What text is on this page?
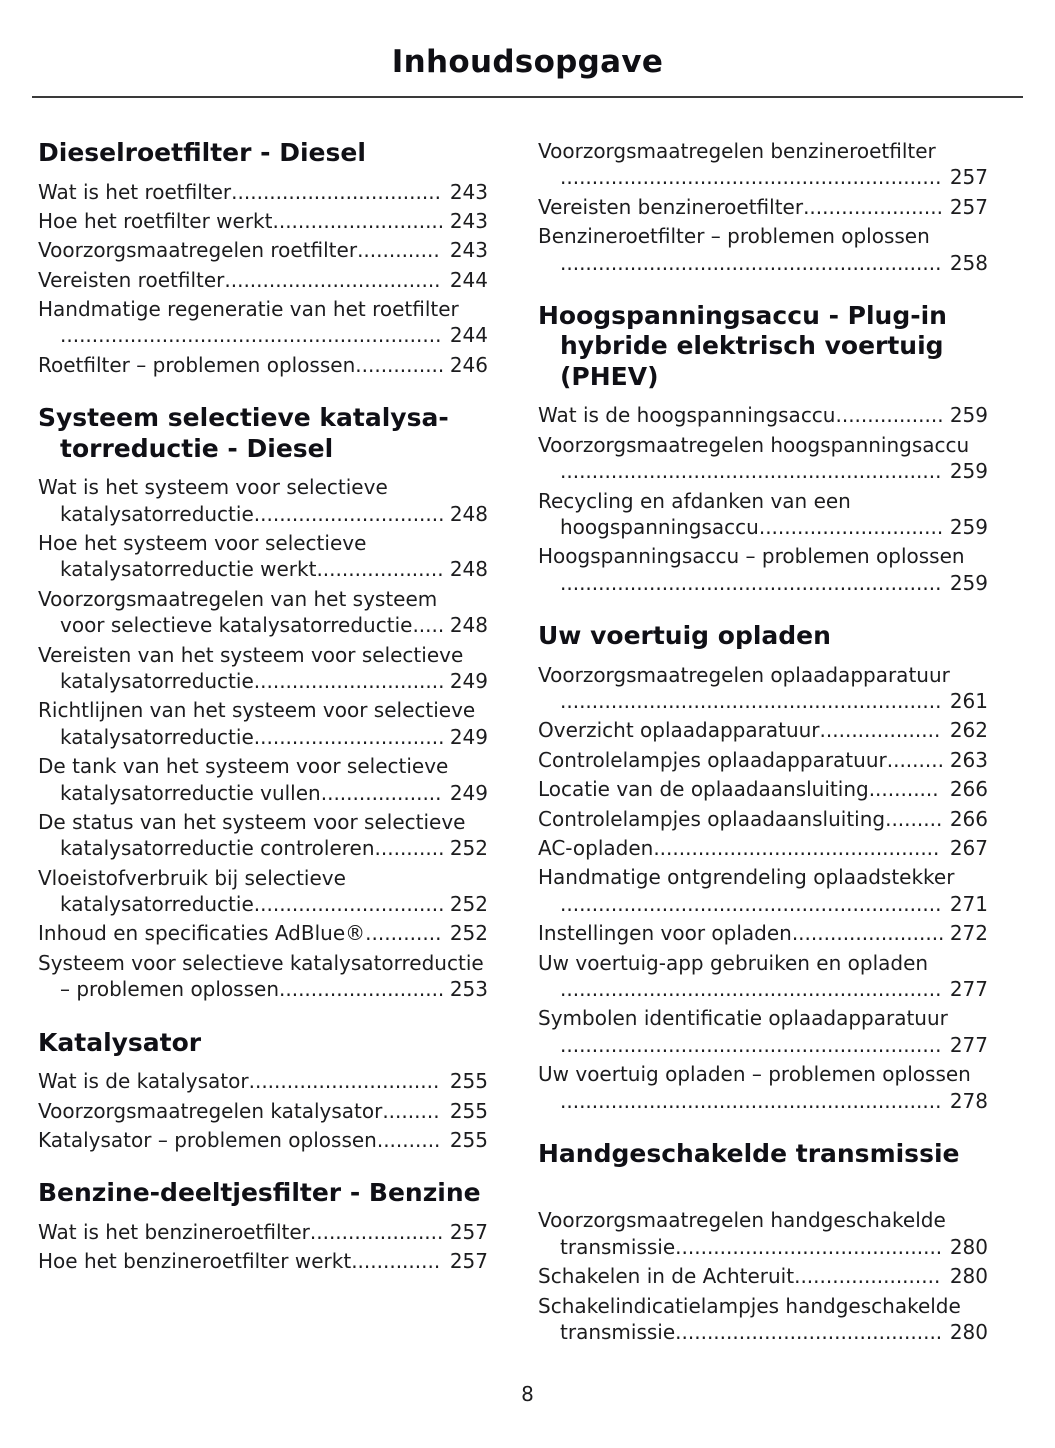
Inhoudsopgave
Dieselroetfilter - Diesel
Wat is het roetfilter................................. 243
Hoe het roetfilter werkt........................... 243
Voorzorgsmaatregelen roetfilter............. 243
Vereisten roetfilter.................................. 244
Handmatige regeneratie van het roetfilter
............................................................ 244
Roetfilter – problemen oplossen.............. 246
Systeem selectieve katalysatorreductie - Diesel
Wat is het systeem voor selectieve katalysatorreductie.............................. 248
Hoe het systeem voor selectieve katalysatorreductie werkt.................... 248
Voorzorgsmaatregelen van het systeem voor selectieve katalysatorreductie..... 248
Vereisten van het systeem voor selectieve katalysatorreductie.............................. 249
Richtlijnen van het systeem voor selectieve katalysatorreductie.............................. 249
De tank van het systeem voor selectieve katalysatorreductie vullen................... 249
De status van het systeem voor selectieve katalysatorreductie controleren........... 252
Vloeistofverbruik bij selectieve katalysatorreductie.............................. 252
Inhoud en specificaties AdBlue®............ 252
Systeem voor selectieve katalysatorreductie – problemen oplossen.......................... 253
Katalysator
Wat is de katalysator.............................. 255
Voorzorgsmaatregelen katalysator......... 255
Katalysator – problemen oplossen.......... 255
Benzine-deeltjesfilter - Benzine
Wat is het benzineroetfilter..................... 257
Hoe het benzineroetfilter werkt.............. 257
Voorzorgsmaatregelen benzineroetfilter
............................................................ 257
Vereisten benzineroetfilter...................... 257
Benzineroetfilter – problemen oplossen
............................................................ 258
Hoogspanningsaccu - Plug-in hybride elektrisch voertuig (PHEV)
Wat is de hoogspanningsaccu................. 259
Voorzorgsmaatregelen hoogspanningsaccu
............................................................ 259
Recycling en afdanken van een hoogspanningsaccu............................. 259
Hoogspanningsaccu – problemen oplossen
............................................................ 259
Uw voertuig opladen
Voorzorgsmaatregelen oplaadapparatuur
............................................................ 261
Overzicht oplaadapparatuur................... 262
Controlelampjes oplaadapparatuur......... 263
Locatie van de oplaadaansluiting........... 266
Controlelampjes oplaadaansluiting......... 266
AC-opladen............................................. 267
Handmatige ontgrendeling oplaadstekker
............................................................ 271
Instellingen voor opladen........................ 272
Uw voertuig-app gebruiken en opladen
............................................................ 277
Symbolen identificatie oplaadapparatuur
............................................................ 277
Uw voertuig opladen – problemen oplossen
............................................................ 278
Handgeschakelde transmissie
Voorzorgsmaatregelen handgeschakelde transmissie.......................................... 280
Schakelen in de Achteruit....................... 280
Schakelindicatielampjes handgeschakelde transmissie.......................................... 280
8
